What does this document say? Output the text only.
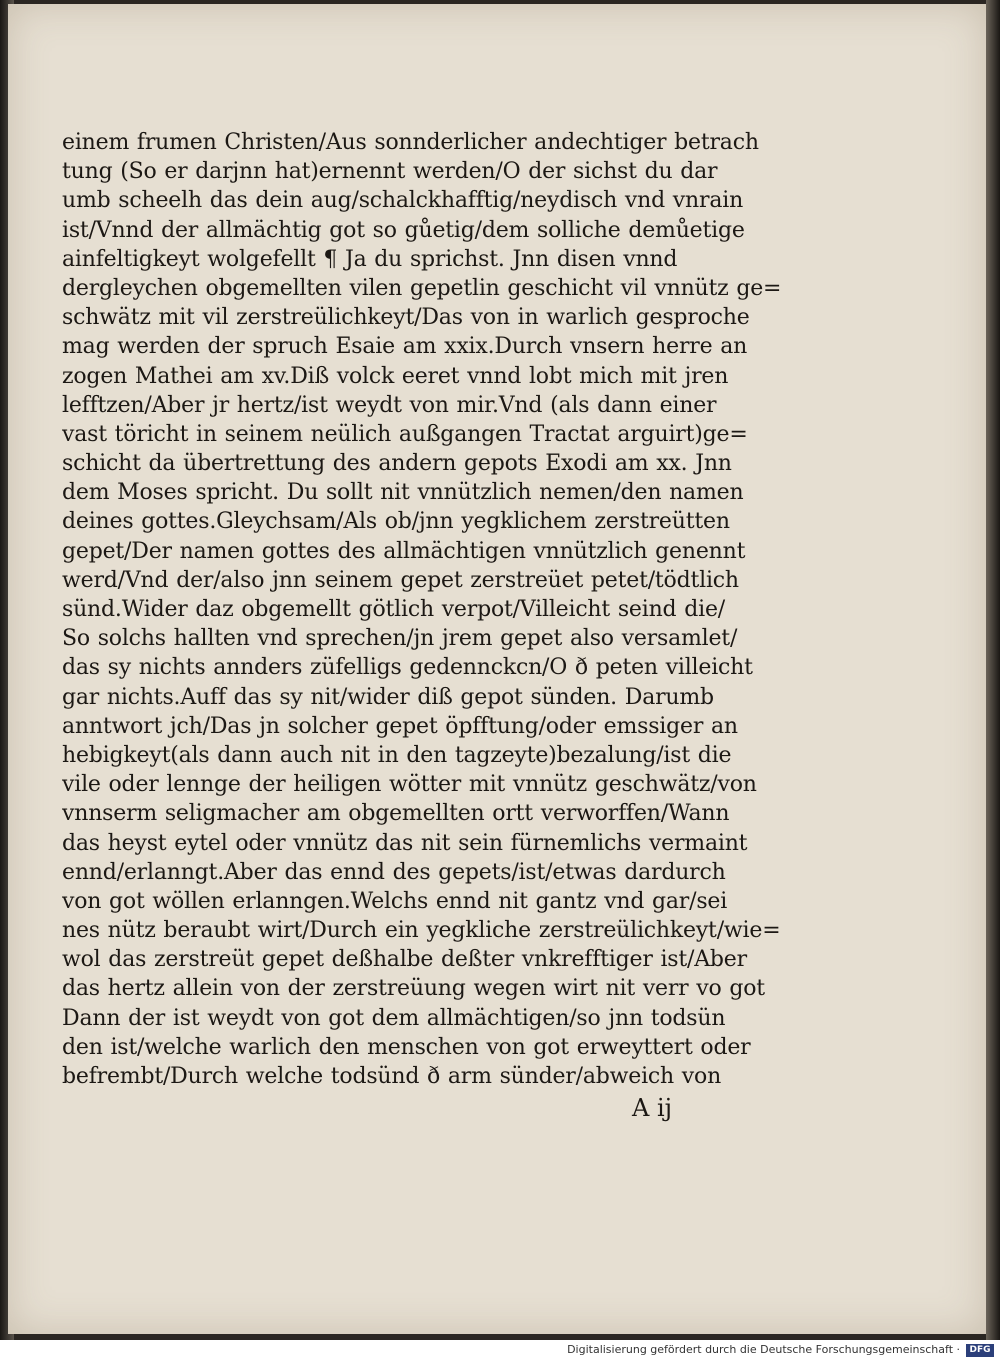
einem frumen Christen/Aus sonnderlicher andechtiger betrach
tung (So er darjnn hat)ernennt werden/O der sichst du dar
umb scheelh das dein aug/schalckhafftig/neydisch vnd vnrain
ist/Vnnd der allmächtig got so gůetig/dem solliche demůetige
ainfeltigkeyt wolgefellt ¶ Ja du sprichst. Jnn disen vnnd
dergleychen obgemellten vilen gepetlin geschicht vil vnnütz ge=
schwätz mit vil zerstreülichkeyt/Das von in warlich gesproche
mag werden der spruch Esaie am xxix.Durch vnsern herre an
zogen Mathei am xv.Diß volck eeret vnnd lobt mich mit jren
lefftzen/Aber jr hertz/ist weydt von mir.Vnd (als dann einer
vast töricht in seinem neülich außgangen Tractat arguirt)ge=
schicht da übertrettung des andern gepots Exodi am xx. Jnn
dem Moses spricht. Du sollt nit vnnützlich nemen/den namen
deines gottes.Gleychsam/Als ob/jnn yegklichem zerstreütten
gepet/Der namen gottes des allmächtigen vnnützlich genennt
werd/Vnd der/also jnn seinem gepet zerstreüet petet/tödtlich
sünd.Wider daz obgemellt götlich verpot/Villeicht seind die/
So solchs hallten vnd sprechen/jn jrem gepet also versamlet/
das sy nichts annders züfelligs gedennckcn/O ð peten villeicht
gar nichts.Auff das sy nit/wider diß gepot sünden. Darumb
anntwort jch/Das jn solcher gepet öpfftung/oder emssiger an
hebigkeyt(als dann auch nit in den tagzeyte)bezalung/ist die
vile oder lennge der heiligen wötter mit vnnütz geschwätz/von
vnnserm seligmacher am obgemellten ortt verworffen/Wann
das heyst eytel oder vnnütz das nit sein fürnemlichs vermaint
ennd/erlanngt.Aber das ennd des gepets/ist/etwas dardurch
von got wöllen erlanngen.Welchs ennd nit gantz vnd gar/sei
nes nütz beraubt wirt/Durch ein yegkliche zerstreülichkeyt/wie=
wol das zerstreüt gepet deßhalbe deßter vnkrefftiger ist/Aber
das hertz allein von der zerstreüung wegen wirt nit verr vo got
Dann der ist weydt von got dem allmächtigen/so jnn todsün
den ist/welche warlich den menschen von got erweyttert oder
befrembt/Durch welche todsünd ð arm sünder/abweich von
A ij
Digitalisierung gefördert durch die Deutsche Forschungsgemeinschaft ·	DFG
